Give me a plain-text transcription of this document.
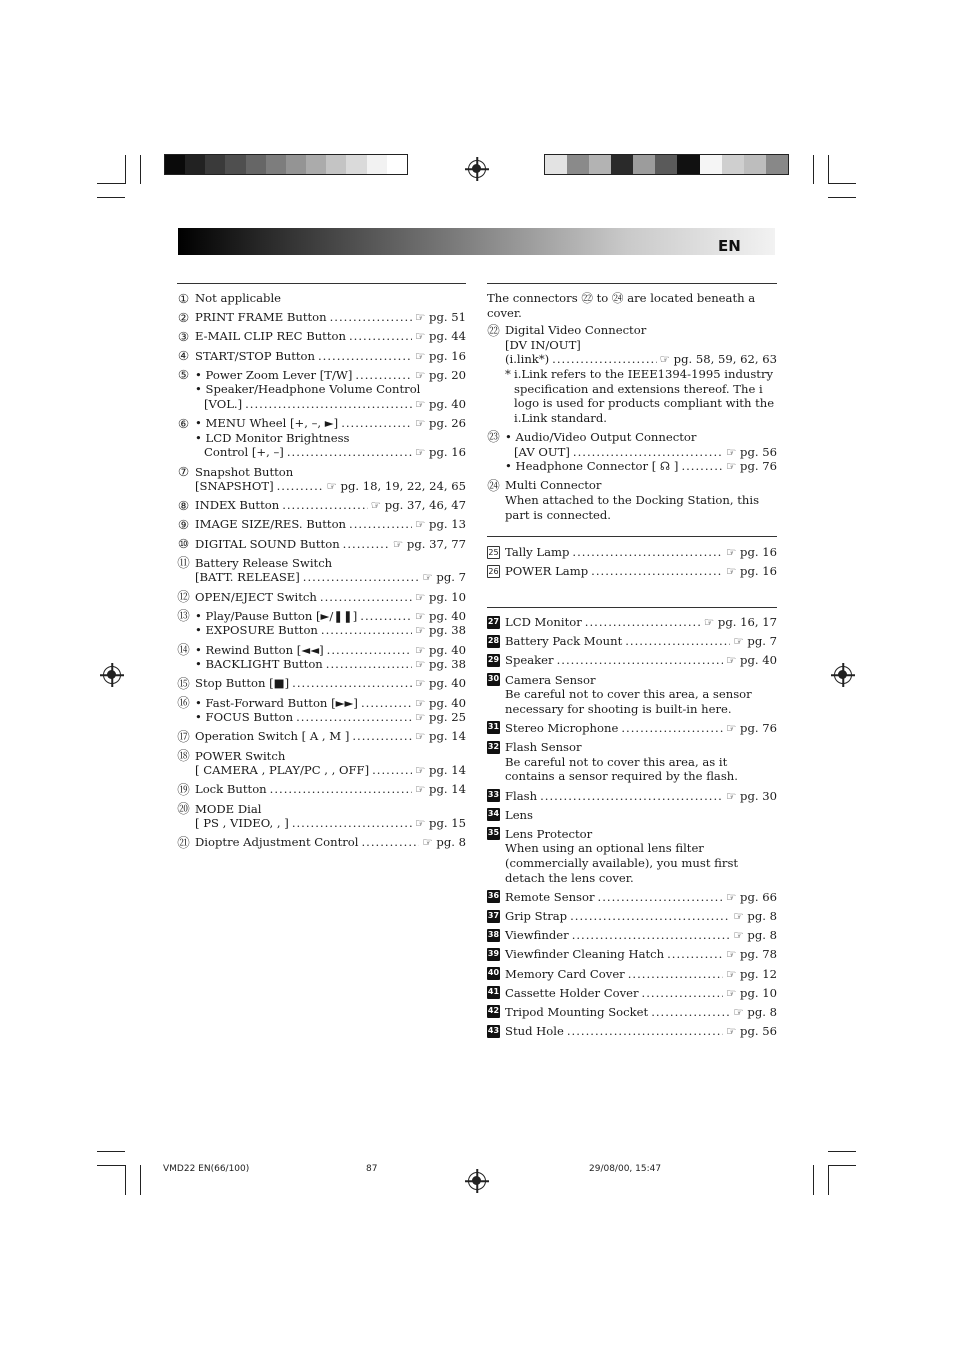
EN
① Not applicable
② PRINT FRAME Button .....	☞ pg. 51
③ E-MAIL CLIP REC Button .....	☞ pg. 44
④ START/STOP Button .....	☞ pg. 16
⑤ • Power Zoom Lever [T/W] .....	☞ pg. 20
• Speaker/Headphone Volume Control
[VOL.] .....	☞ pg. 40
⑥ • MENU Wheel [+, –, ►] .....	☞ pg. 26
• LCD Monitor Brightness
Control [+, –] .....	☞ pg. 16
⑦ Snapshot Button
[SNAPSHOT] .....	☞ pg. 18, 19, 22, 24, 65
⑧ INDEX Button .....	☞ pg. 37, 46, 47
⑨ IMAGE SIZE/RES. Button .....	☞ pg. 13
⑩ DIGITAL SOUND Button .....	☞ pg. 37, 77
⑪ Battery Release Switch
[BATT. RELEASE] .....	☞ pg. 7
⑫ OPEN/EJECT Switch .....	☞ pg. 10
⑬ • Play/Pause Button [►/❚❚] .....	☞ pg. 40
• EXPOSURE Button .....	☞ pg. 38
⑭ • Rewind Button [◄◄] .....	☞ pg. 40
• BACKLIGHT Button .....	☞ pg. 38
⑮ Stop Button [■] .....	☞ pg. 40
⑯ • Fast-Forward Button [►►] .....	☞ pg. 40
• FOCUS Button .....	☞ pg. 25
⑰ Operation Switch [ A , M ] .....	☞ pg. 14
⑱ POWER Switch
[ CAMERA , PLAY/PC , , OFF] .....	☞ pg. 14
⑲ Lock Button .....	☞ pg. 14
⑳ MODE Dial
[ PS , VIDEO, , ] .....	☞ pg. 15
㉑ Dioptre Adjustment Control .....	☞ pg. 8
The connectors ㉒ to ㉔ are located beneath a cover.
㉒ Digital Video Connector
[DV IN/OUT]
(i.link*) .....	☞ pg. 58, 59, 62, 63
* i.Link refers to the IEEE1394-1995 industry specification and extensions thereof. The i logo is used for products compliant with the i.Link standard.
㉓ • Audio/Video Output Connector
[AV OUT] .....	☞ pg. 56
• Headphone Connector [ ☊ ] .....	☞ pg. 76
㉔ Multi Connector
When attached to the Docking Station, this part is connected.
25 Tally Lamp .....	☞ pg. 16
26 POWER Lamp .....	☞ pg. 16
27 LCD Monitor .....	☞ pg. 16, 17
28 Battery Pack Mount .....	☞ pg. 7
29 Speaker .....	☞ pg. 40
30 Camera Sensor
Be careful not to cover this area, a sensor necessary for shooting is built-in here.
31 Stereo Microphone .....	☞ pg. 76
32 Flash Sensor
Be careful not to cover this area, as it contains a sensor required by the flash.
33 Flash .....	☞ pg. 30
34 Lens
35 Lens Protector
When using an optional lens filter (commercially available), you must first detach the lens cover.
36 Remote Sensor .....	☞ pg. 66
37 Grip Strap .....	☞ pg. 8
38 Viewfinder .....	☞ pg. 8
39 Viewfinder Cleaning Hatch .....	☞ pg. 78
40 Memory Card Cover .....	☞ pg. 12
41 Cassette Holder Cover .....	☞ pg. 10
42 Tripod Mounting Socket .....	☞ pg. 8
43 Stud Hole .....	☞ pg. 56
VMD22 EN(66/100)	87	29/08/00, 15:47
